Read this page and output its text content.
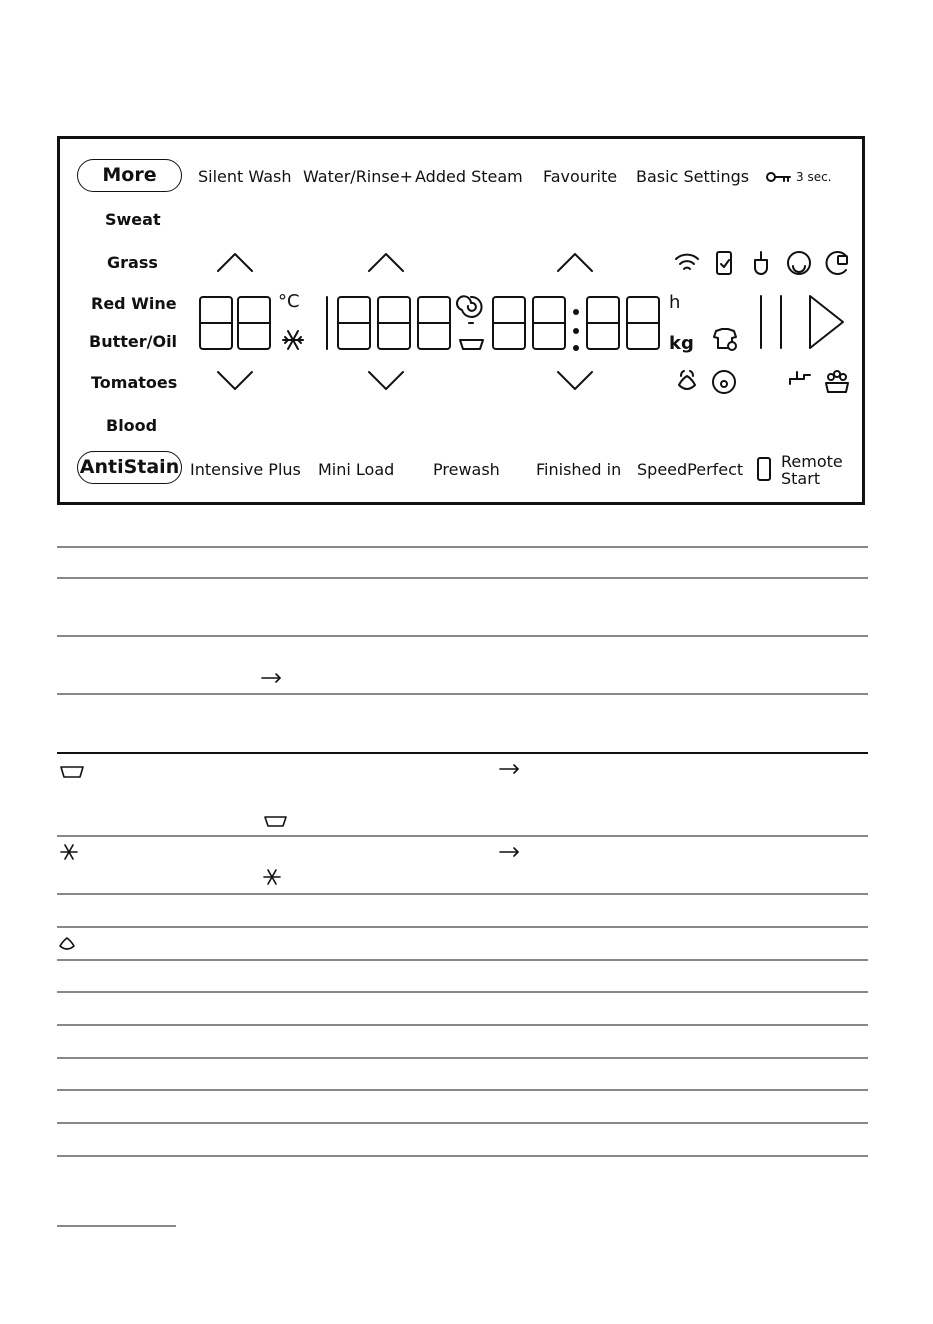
More	Silent Wash Water/Rinse+ Added Steam Favourite Basic Settings	3 sec.
Sweat
Grass
Red Wine
Butter/Oil
Tomatoes
Blood
AntiStain Intensive Plus Mini Load Prewash Finished in SpeedPerfect Remote
Start
°C	h
kg
